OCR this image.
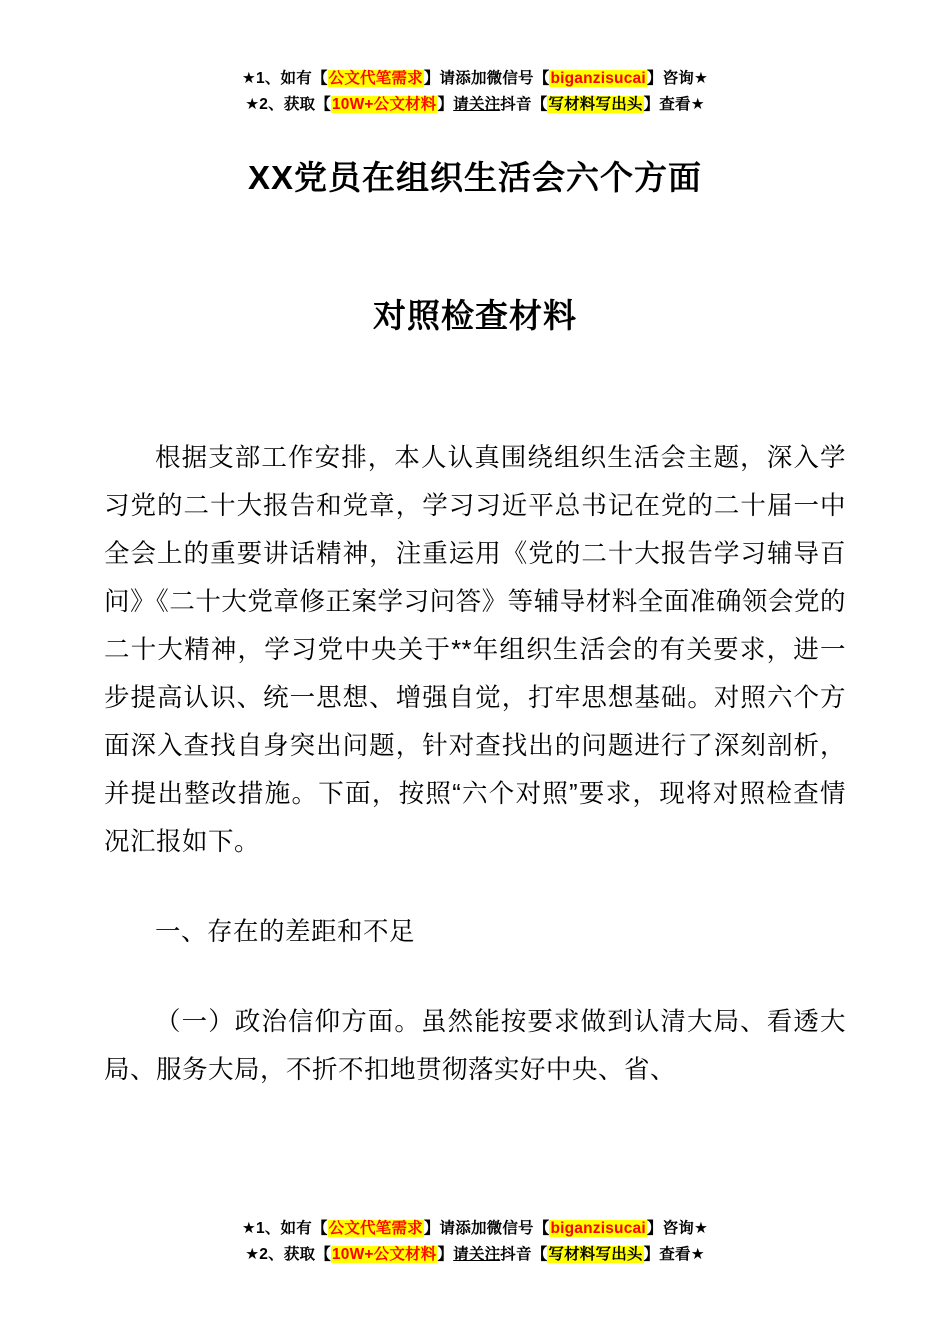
★1、如有【公文代笔需求】请添加微信号【biganzisucai】咨询★
★2、获取【10W+公文材料】请关注抖音【写材料写出头】查看★
XX党员在组织生活会六个方面
对照检查材料

根据支部工作安排，本人认真围绕组织生活会主题，深入学习党的二十大报告和党章，学习习近平总书记在党的二十届一中全会上的重要讲话精神，注重运用《党的二十大报告学习辅导百问》《二十大党章修正案学习问答》等辅导材料全面准确领会党的二十大精神，学习党中央关于**年组织生活会的有关要求，进一步提高认识、统一思想、增强自觉，打牢思想基础。对照六个方面深入查找自身突出问题，针对查找出的问题进行了深刻剖析，并提出整改措施。下面，按照“六个对照”要求，现将对照检查情况汇报如下。

一、存在的差距和不足

（一）政治信仰方面。虽然能按要求做到认清大局、看透大局、服务大局，不折不扣地贯彻落实好中央、省、

★1、如有【公文代笔需求】请添加微信号【biganzisucai】咨询★
★2、获取【10W+公文材料】请关注抖音【写材料写出头】查看★
